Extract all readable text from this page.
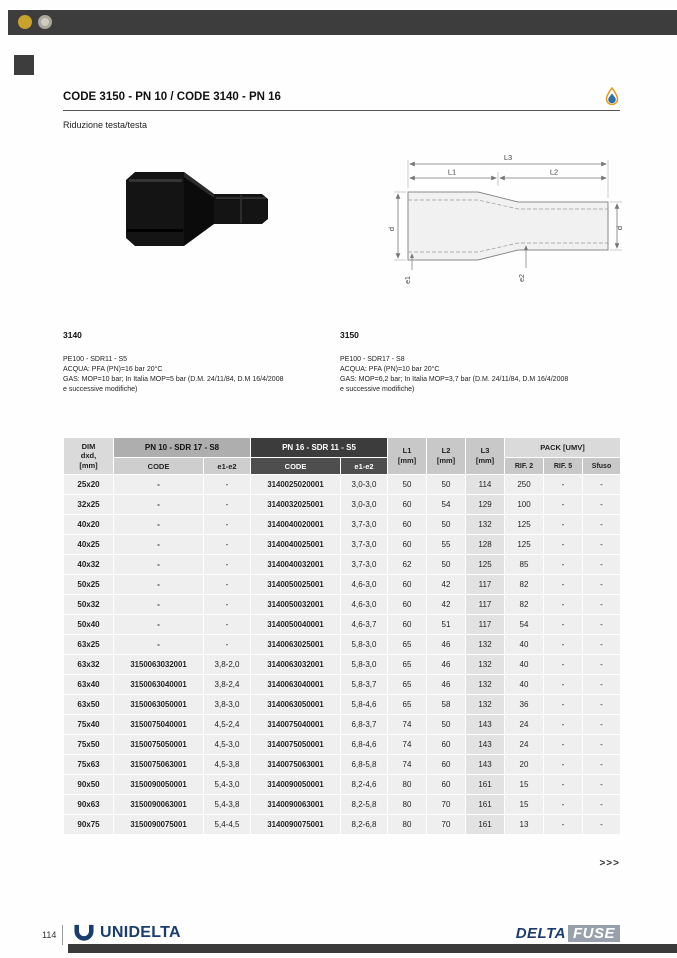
CODE 3150 - PN 10 / CODE 3140 - PN 16
Riduzione testa/testa
L3
L1	L2
d	d
e1	e2
3140
PE100 - SDR11 - S5
ACQUA: PFA (PN)=16 bar 20°C
GAS: MOP=10 bar; In Italia MOP=5 bar (D.M. 24/11/84, D.M 16/4/2008
e successive modifiche)
3150
PE100 - SDR17 - S8
ACQUA: PFA (PN)=10 bar 20°C
GAS: MOP=6,2 bar; In Italia MOP=3,7 bar (D.M. 24/11/84, D.M 16/4/2008
e successive modifiche)
DIM
dxd,
[mm]
	PN 10 - SDR 17 - S8	PN 16 - SDR 11 - S5	L1
[mm]

L2
[mm]

L3
[mm]
	PACK [UMV]
	CODE	e1-e2	CODE	e1-e2				RIF. 2	RIF. 5	Sfuso
25x20	-	-	3140025020001	3,0-3,0	50	50	114	250	-	-
32x25	-	-	3140032025001	3,0-3,0	60	54	129	100	-	-
40x20	-	-	3140040020001	3,7-3,0	60	50	132	125	-	-
40x25	-	-	3140040025001	3,7-3,0	60	55	128	125	-	-
40x32	-	-	3140040032001	3,7-3,0	62	50	125	85	-	-
50x25	-	-	3140050025001	4,6-3,0	60	42	117	82	-	-
50x32	-	-	3140050032001	4,6-3,0	60	42	117	82	-	-
50x40	-	-	3140050040001	4,6-3,7	60	51	117	54	-	-
63x25	-	-	3140063025001	5,8-3,0	65	46	132	40	-	-
63x32	3150063032001	3,8-2,0	3140063032001	5,8-3,0	65	46	132	40	-	-
63x40	3150063040001	3,8-2,4	3140063040001	5,8-3,7	65	46	132	40	-	-
63x50	3150063050001	3,8-3,0	3140063050001	5,8-4,6	65	58	132	36	-	-
75x40	3150075040001	4,5-2,4	3140075040001	6,8-3,7	74	50	143	24	-	-
75x50	3150075050001	4,5-3,0	3140075050001	6,8-4,6	74	60	143	24	-	-
75x63	3150075063001	4,5-3,8	3140075063001	6,8-5,8	74	60	143	20	-	-
90x50	3150090050001	5,4-3,0	3140090050001	8,2-4,6	80	60	161	15	-	-
90x63	3150090063001	5,4-3,8	3140090063001	8,2-5,8	80	70	161	15	-	-
90x75	3150090075001	5,4-4,5	3140090075001	8,2-6,8	80	70	161	13	-	-
>>>
114	UNIDELTA	DELTA FUSE
